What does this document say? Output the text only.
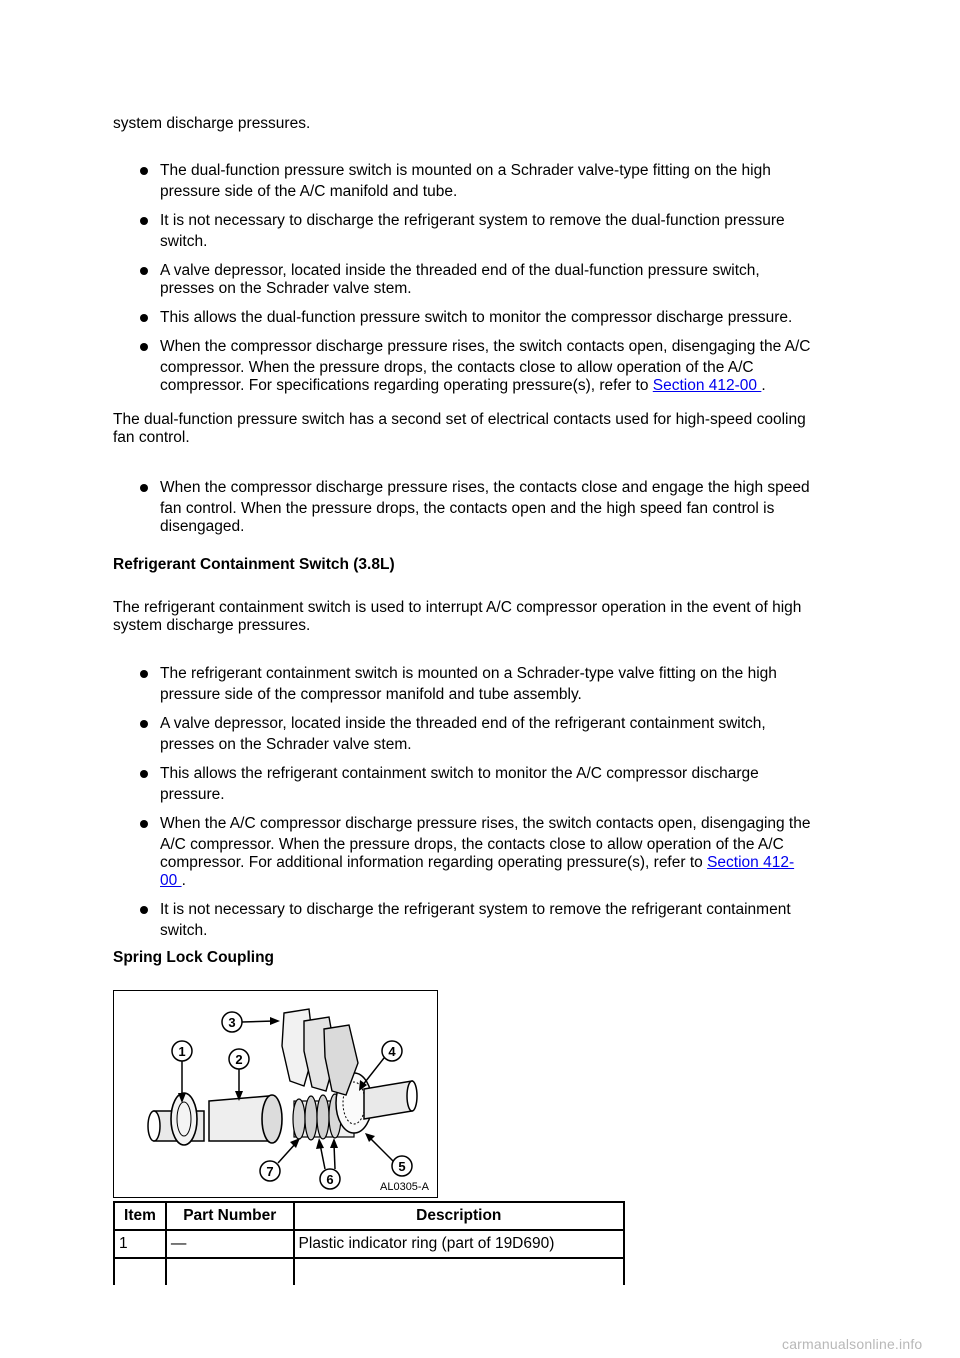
system discharge pressures.

The dual-function pressure switch is mounted on a Schrader valve-type fitting on the high

pressure side of the A/C manifold and tube.

It is not necessary to discharge the refrigerant system to remove the dual-function pressure

switch.

A valve depressor, located inside the threaded end of the dual-function pressure switch,

presses on the Schrader valve stem.

This allows the dual-function pressure switch to monitor the compressor discharge pressure.

When the compressor discharge pressure rises, the switch contacts open, disengaging the A/C

compressor. When the pressure drops, the contacts close to allow operation of the A/C

compressor. For specifications regarding operating pressure(s), refer to Section 412-00 .

The dual-function pressure switch has a second set of electrical contacts used for high-speed cooling

fan control.

When the compressor discharge pressure rises, the contacts close and engage the high speed

fan control. When the pressure drops, the contacts open and the high speed fan control is

disengaged.

Refrigerant Containment Switch (3.8L)

The refrigerant containment switch is used to interrupt A/C compressor operation in the event of high

system discharge pressures.

The refrigerant containment switch is mounted on a Schrader-type valve fitting on the high

pressure side of the compressor manifold and tube assembly.

A valve depressor, located inside the threaded end of the refrigerant containment switch,

presses on the Schrader valve stem.

This allows the refrigerant containment switch to monitor the A/C compressor discharge

pressure.

When the A/C compressor discharge pressure rises, the switch contacts open, disengaging the

A/C compressor. When the pressure drops, the contacts close to allow operation of the A/C

compressor. For additional information regarding operating pressure(s), refer to Section 412-

00 .

It is not necessary to discharge the refrigerant system to remove the refrigerant containment

switch.

Spring Lock Coupling

1
2
3
4
5
6
7
AL0305-A
Item	Part Number	Description
1	—	Plastic indicator ring (part of 19D690)

carmanualsonline.info
